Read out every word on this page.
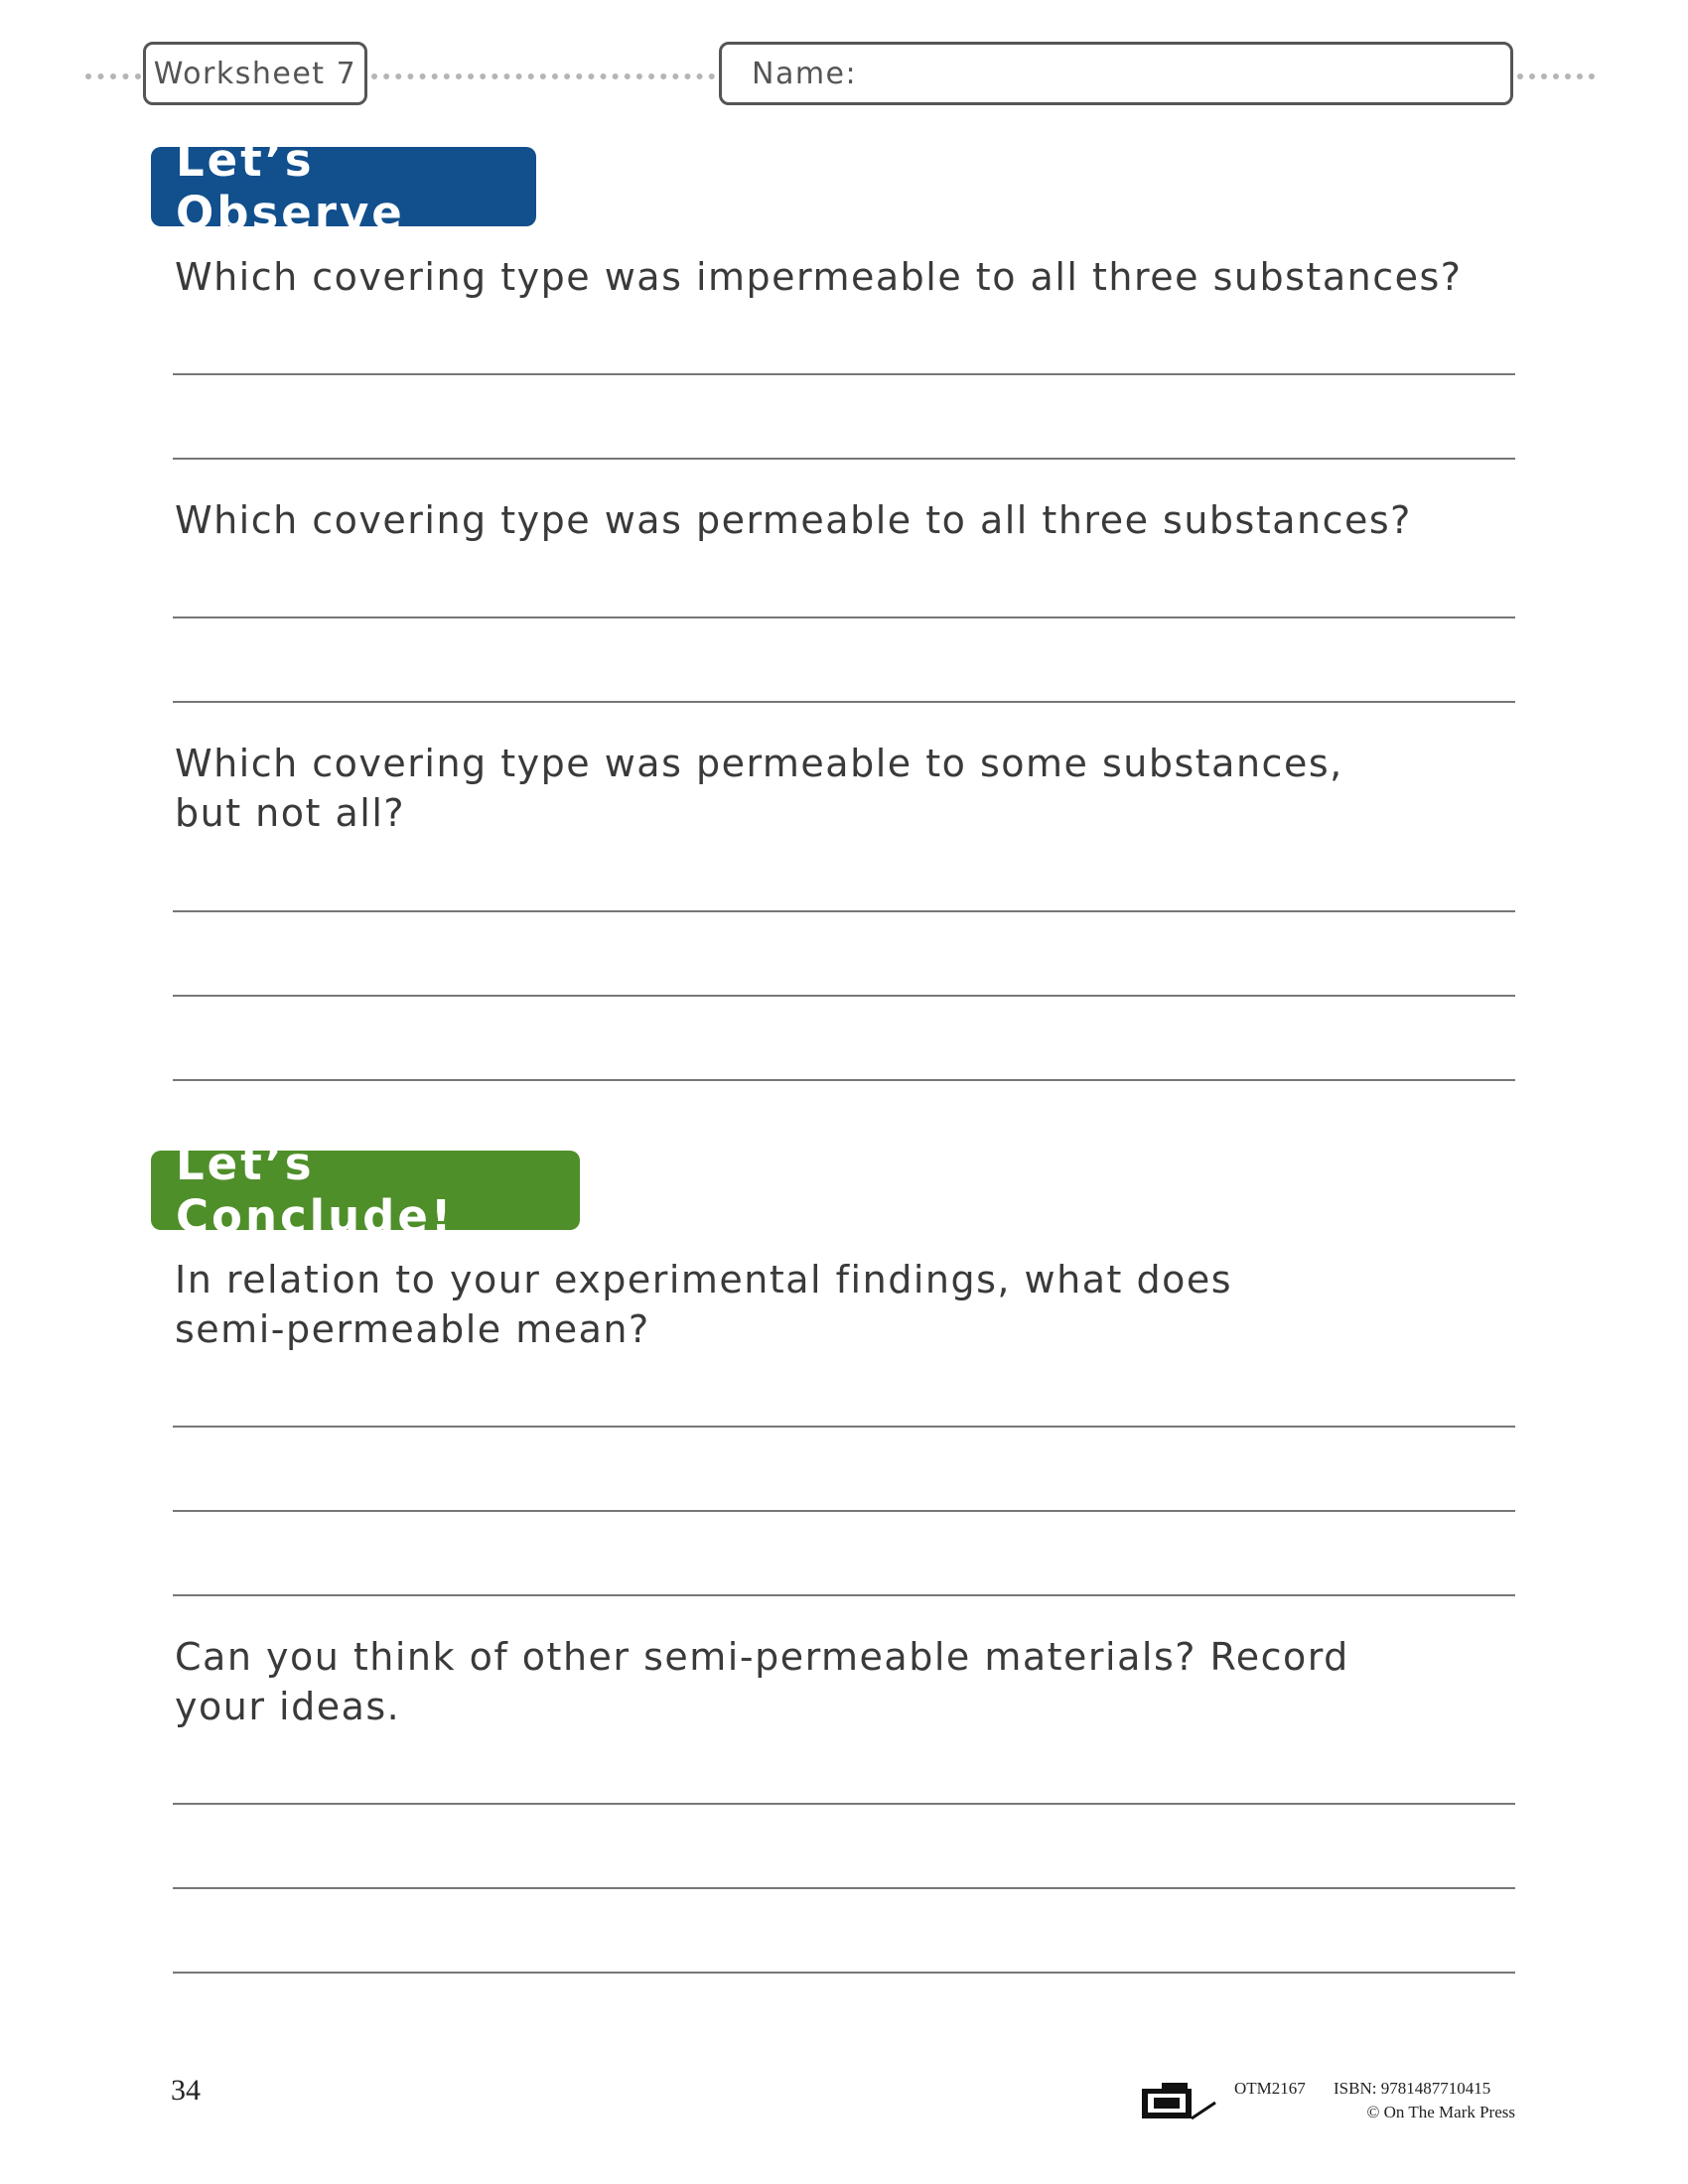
Worksheet 7	Name:
Let’s Observe

Which covering type was impermeable to all three substances?

Which covering type was permeable to all three substances?

Which covering type was permeable to some substances, but not all?

Let’s Conclude!

In relation to your experimental findings, what does semi-permeable mean?

Can you think of other semi-permeable materials? Record your ideas.

34	OTM2167 ISBN: 9781487710415
© On The Mark Press
